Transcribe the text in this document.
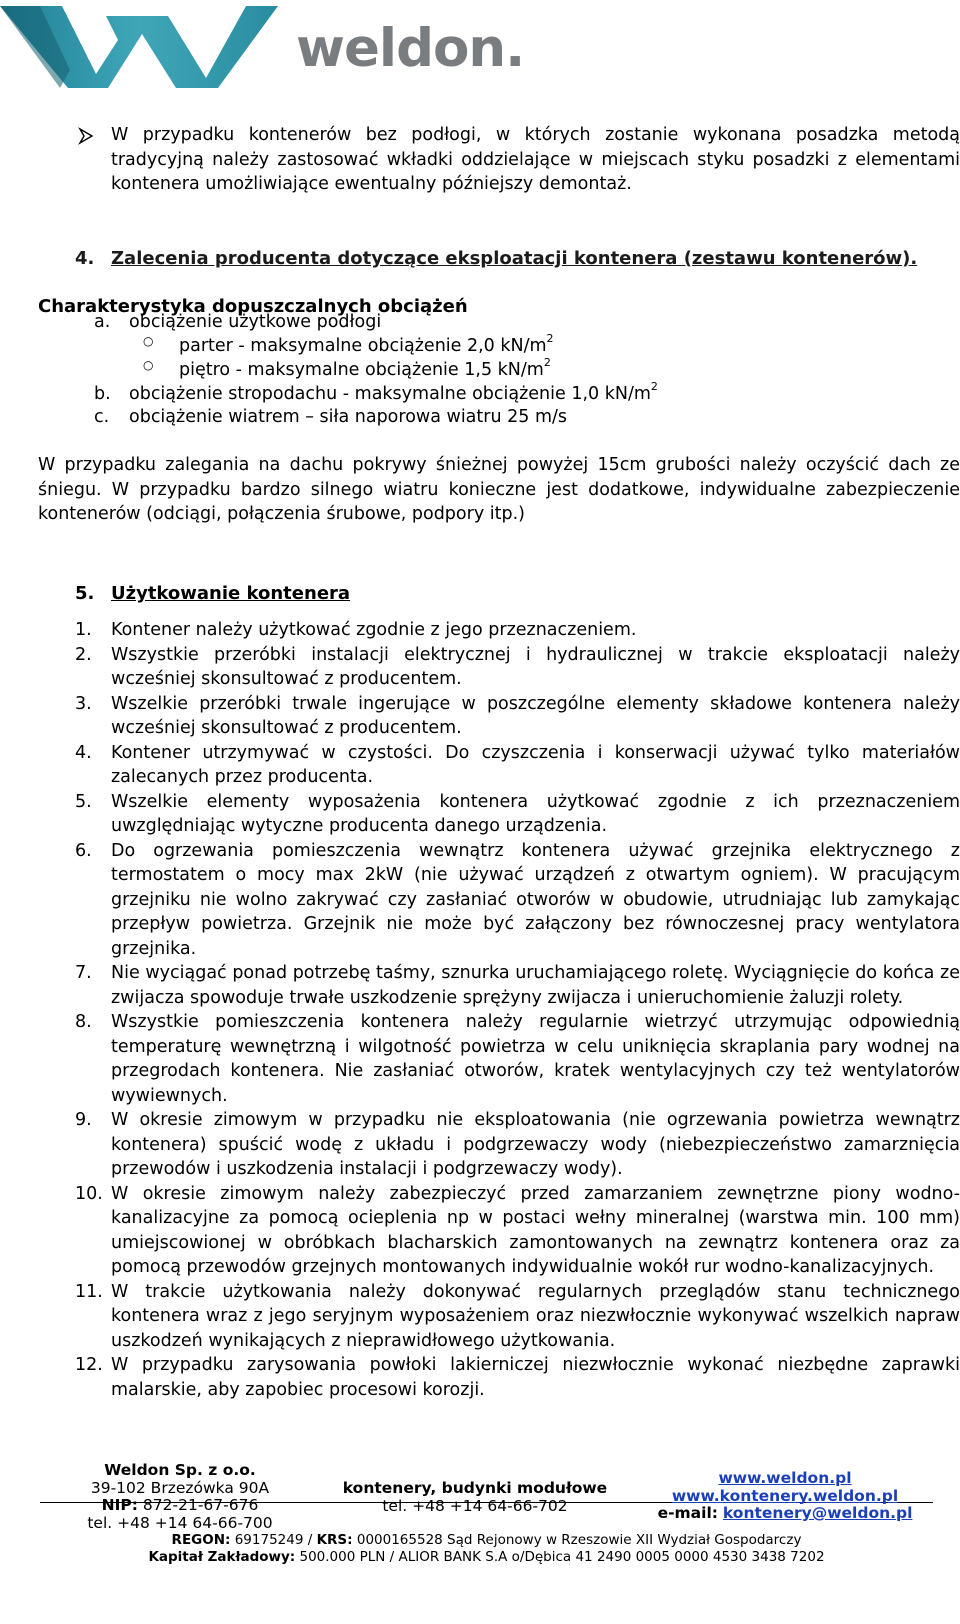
weldon.
W przypadku kontenerów bez podłogi, w których zostanie wykonana posadzka metodą tradycyjną należy zastosować wkładki oddzielające w miejscach styku posadzki z elementami kontenera umożliwiające ewentualny późniejszy demontaż.
4. Zalecenia producenta dotyczące eksploatacji kontenera (zestawu kontenerów).
Charakterystyka dopuszczalnych obciążeń
a. obciążenie użytkowe podłogi
○ parter - maksymalne obciążenie 2,0 $kN/m^2$
○ piętro - maksymalne obciążenie 1,5 $kN/m^2$
b. obciążenie stropodachu - maksymalne obciążenie 1,0 $kN/m^2$
c. obciążenie wiatrem – siła naporowa wiatru 25 m/s
W przypadku zalegania na dachu pokrywy śnieżnej powyżej 15cm grubości należy oczyścić dach ze śniegu. W przypadku bardzo silnego wiatru konieczne jest dodatkowe, indywidualne zabezpieczenie kontenerów (odciągi, połączenia śrubowe, podpory itp.)
5. Użytkowanie kontenera
1. Kontener należy użytkować zgodnie z jego przeznaczeniem.
2. Wszystkie przeróbki instalacji elektrycznej i hydraulicznej w trakcie eksploatacji należy wcześniej skonsultować z producentem.
3. Wszelkie przeróbki trwale ingerujące w poszczególne elementy składowe kontenera należy wcześniej skonsultować z producentem.
4. Kontener utrzymywać w czystości. Do czyszczenia i konserwacji używać tylko materiałów zalecanych przez producenta.
5. Wszelkie elementy wyposażenia kontenera użytkować zgodnie z ich przeznaczeniem uwzględniając wytyczne producenta danego urządzenia.
6. Do ogrzewania pomieszczenia wewnątrz kontenera używać grzejnika elektrycznego z termostatem o mocy max 2kW (nie używać urządzeń z otwartym ogniem). W pracującym grzejniku nie wolno zakrywać czy zasłaniać otworów w obudowie, utrudniając lub zamykając przepływ powietrza. Grzejnik nie może być załączony bez równoczesnej pracy wentylatora grzejnika.
7. Nie wyciągać ponad potrzebę taśmy, sznurka uruchamiającego roletę. Wyciągnięcie do końca ze zwijacza spowoduje trwałe uszkodzenie sprężyny zwijacza i unieruchomienie żaluzji rolety.
8. Wszystkie pomieszczenia kontenera należy regularnie wietrzyć utrzymując odpowiednią temperaturę wewnętrzną i wilgotność powietrza w celu uniknięcia skraplania pary wodnej na przegrodach kontenera. Nie zasłaniać otworów, kratek wentylacyjnych czy też wentylatorów wywiewnych.
9. W okresie zimowym w przypadku nie eksploatowania (nie ogrzewania powietrza wewnątrz kontenera) spuścić wodę z układu i podgrzewaczy wody (niebezpieczeństwo zamarznięcia przewodów i uszkodzenia instalacji i podgrzewaczy wody).
10. W okresie zimowym należy zabezpieczyć przed zamarzaniem zewnętrzne piony wodno-kanalizacyjne za pomocą ocieplenia np w postaci wełny mineralnej (warstwa min. 100 mm) umiejscowionej w obróbkach blacharskich zamontowanych na zewnątrz kontenera oraz za pomocą przewodów grzejnych montowanych indywidualnie wokół rur wodno-kanalizacyjnych.
11. W trakcie użytkowania należy dokonywać regularnych przeglądów stanu technicznego kontenera wraz z jego seryjnym wyposażeniem oraz niezwłocznie wykonywać wszelkich napraw uszkodzeń wynikających z nieprawidłowego użytkowania.
12. W przypadku zarysowania powłoki lakierniczej niezwłocznie wykonać niezbędne zaprawki malarskie, aby zapobiec procesowi korozji.
Weldon Sp. z o.o.
39-102 Brzezówka 90A
NIP: 872-21-67-676
tel. +48 +14 64-66-700
kontenery, budynki modułowe
tel. +48 +14 64-66-702
www.weldon.pl
www.kontenery.weldon.pl
e-mail: kontenery@weldon.pl
REGON: 69175249 / KRS: 0000165528 Sąd Rejonowy w Rzeszowie XII Wydział Gospodarczy
Kapitał Zakładowy: 500.000 PLN / ALIOR BANK S.A o/Dębica 41 2490 0005 0000 4530 3438 7202
